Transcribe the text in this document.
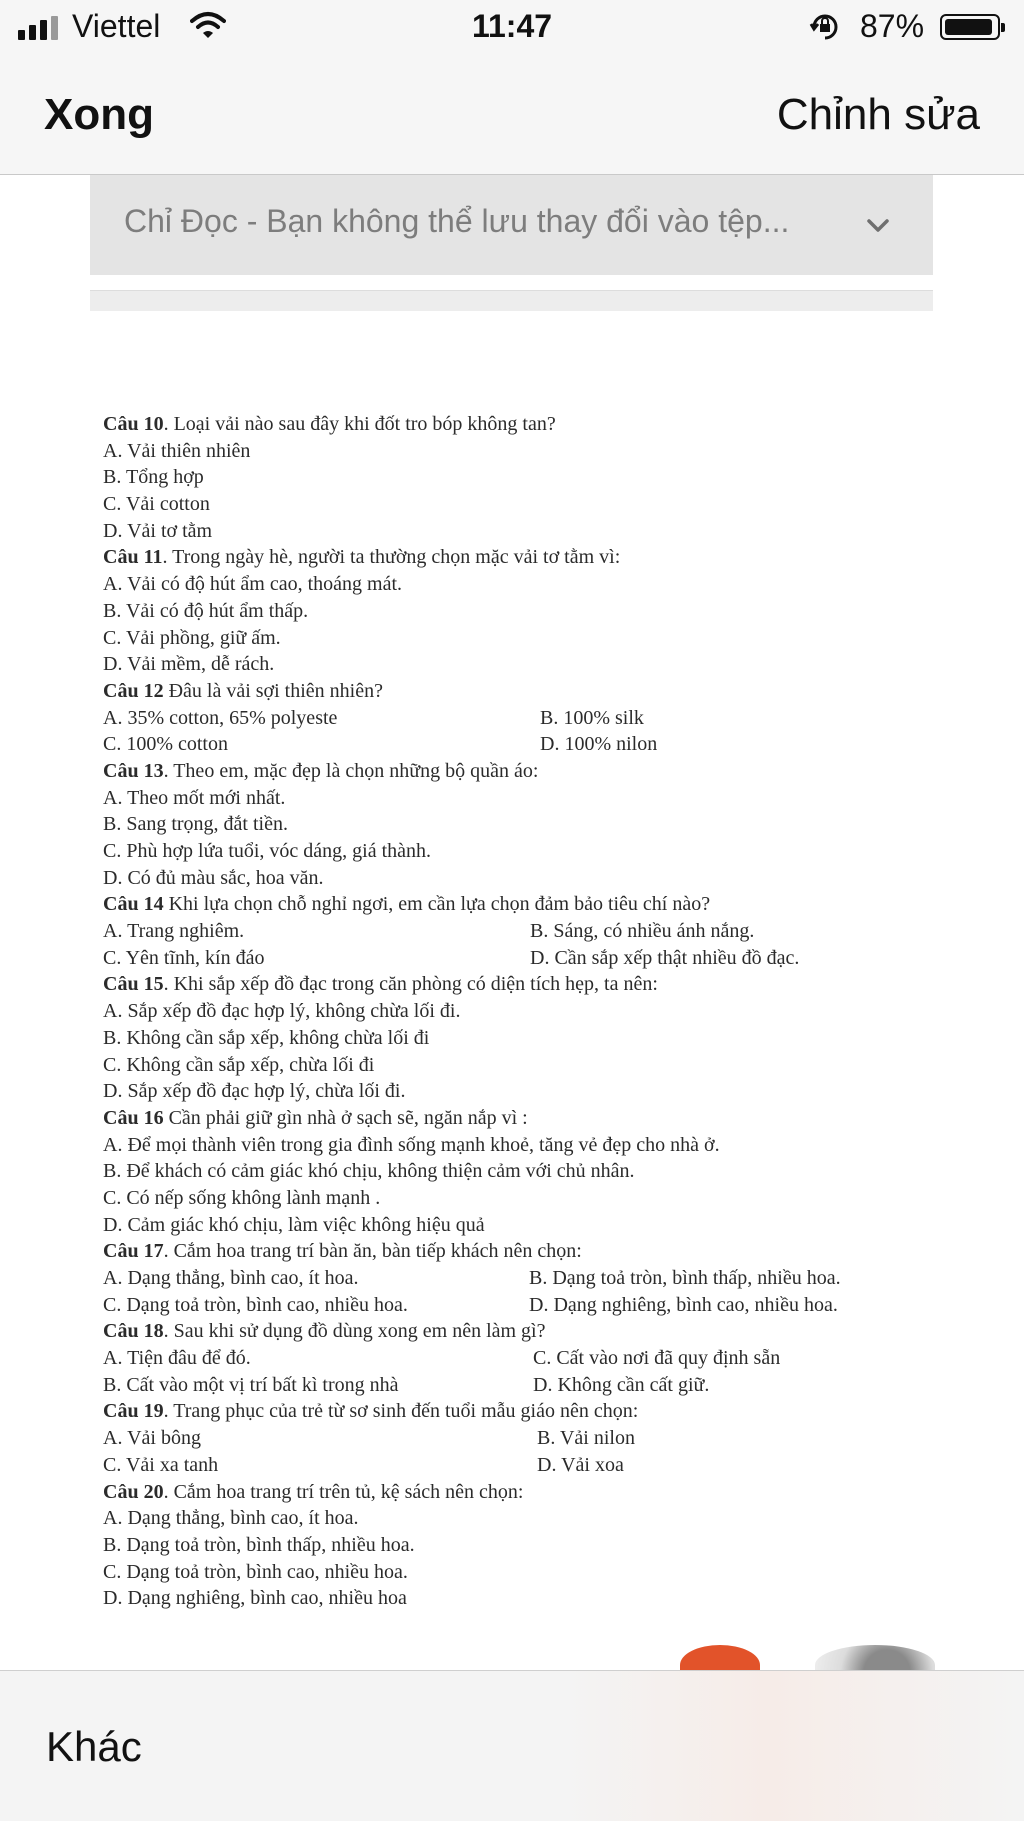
Viettel	11:47	87%
Xong	Chỉnh sửa
Chỉ Đọc - Bạn không thể lưu thay đổi vào tệp...
Câu 10. Loại vải nào sau đây khi đốt tro bóp không tan?
A. Vải thiên nhiên
B. Tổng hợp
C. Vải cotton
D. Vải tơ tằm
Câu 11. Trong ngày hè, người ta thường chọn mặc vải tơ tằm vì:
A. Vải có độ hút ẩm cao, thoáng mát.
B. Vải có độ hút ẩm thấp.
C. Vải phồng, giữ ấm.
D. Vải mềm, dễ rách.
Câu 12 Đâu là vải sợi thiên nhiên?
A. 35% cotton, 65% polyeste	B. 100% silk
C. 100% cotton	D. 100% nilon
Câu 13. Theo em, mặc đẹp là chọn những bộ quần áo:
A. Theo mốt mới nhất.
B. Sang trọng, đắt tiền.
C. Phù hợp lứa tuổi, vóc dáng, giá thành.
D. Có đủ màu sắc, hoa văn.
Câu 14 Khi lựa chọn chỗ nghỉ ngơi, em cần lựa chọn đảm bảo tiêu chí nào?
A. Trang nghiêm.	B. Sáng, có nhiều ánh nắng.
C. Yên tĩnh, kín đáo	D. Cần sắp xếp thật nhiều đồ đạc.
Câu 15. Khi sắp xếp đồ đạc trong căn phòng có diện tích hẹp, ta nên:
A. Sắp xếp đồ đạc hợp lý, không chừa lối đi.
B. Không cần sắp xếp, không chừa lối đi
C. Không cần sắp xếp, chừa lối đi
D. Sắp xếp đồ đạc hợp lý, chừa lối đi.
Câu 16 Cần phải giữ gìn nhà ở sạch sẽ, ngăn nắp vì :
A. Để mọi thành viên trong gia đình sống mạnh khoẻ, tăng vẻ đẹp cho nhà ở.
B. Để khách có cảm giác khó chịu, không thiện cảm với chủ nhân.
C. Có nếp sống không lành mạnh .
D. Cảm giác khó chịu, làm việc không hiệu quả
Câu 17. Cắm hoa trang trí bàn ăn, bàn tiếp khách nên chọn:
A. Dạng thẳng, bình cao, ít hoa.	B. Dạng toả tròn, bình thấp, nhiều hoa.
C. Dạng toả tròn, bình cao, nhiều hoa.	D. Dạng nghiêng, bình cao, nhiều hoa.
Câu 18. Sau khi sử dụng đồ dùng xong em nên làm gì?
A. Tiện đâu để đó.	C. Cất vào nơi đã quy định sẵn
B. Cất vào một vị trí bất kì trong nhà	D. Không cần cất giữ.
Câu 19. Trang phục của trẻ từ sơ sinh đến tuổi mẫu giáo nên chọn:
A. Vải bông	B. Vải nilon
C. Vải xa tanh	D. Vải xoa
Câu 20. Cắm hoa trang trí trên tủ, kệ sách nên chọn:
A. Dạng thẳng, bình cao, ít hoa.
B. Dạng toả tròn, bình thấp, nhiều hoa.
C. Dạng toả tròn, bình cao, nhiều hoa.
D. Dạng nghiêng, bình cao, nhiều hoa
Khác
